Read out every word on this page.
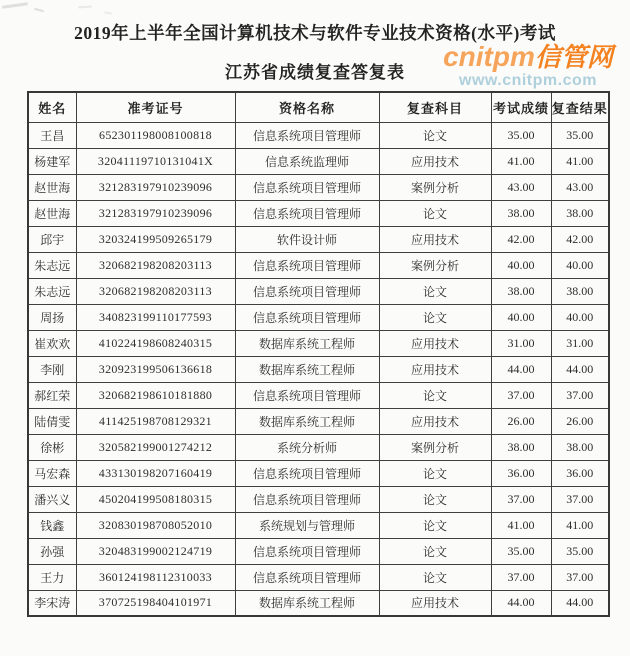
2019年上半年全国计算机技术与软件专业技术资格(水平)考试
江苏省成绩复查答复表
cnitpm信管网
www.cnitpm.com
姓名	准考证号	资格名称	复查科目	考试成绩	复查结果
王昌	652301198008100818	信息系统项目管理师	论文	35.00	35.00
杨建军	32041119710131041X	信息系统监理师	应用技术	41.00	41.00
赵世海	321283197910239096	信息系统项目管理师	案例分析	43.00	43.00
赵世海	321283197910239096	信息系统项目管理师	论文	38.00	38.00
邱宇	320324199509265179	软件设计师	应用技术	42.00	42.00
朱志远	320682198208203113	信息系统项目管理师	案例分析	40.00	40.00
朱志远	320682198208203113	信息系统项目管理师	论文	38.00	38.00
周扬	340823199110177593	信息系统项目管理师	论文	40.00	40.00
崔欢欢	410224198608240315	数据库系统工程师	应用技术	31.00	31.00
李刚	320923199506136618	数据库系统工程师	应用技术	44.00	44.00
郝红荣	320682198610181880	信息系统项目管理师	论文	37.00	37.00
陆倩雯	411425198708129321	数据库系统工程师	应用技术	26.00	26.00
徐彬	320582199001274212	系统分析师	案例分析	38.00	38.00
马宏森	433130198207160419	信息系统项目管理师	论文	36.00	36.00
潘兴义	450204199508180315	信息系统项目管理师	论文	37.00	37.00
钱鑫	320830198708052010	系统规划与管理师	论文	41.00	41.00
孙强	320483199002124719	信息系统项目管理师	论文	35.00	35.00
王力	360124198112310033	信息系统项目管理师	论文	37.00	37.00
李宋涛	370725198404101971	数据库系统工程师	应用技术	44.00	44.00
